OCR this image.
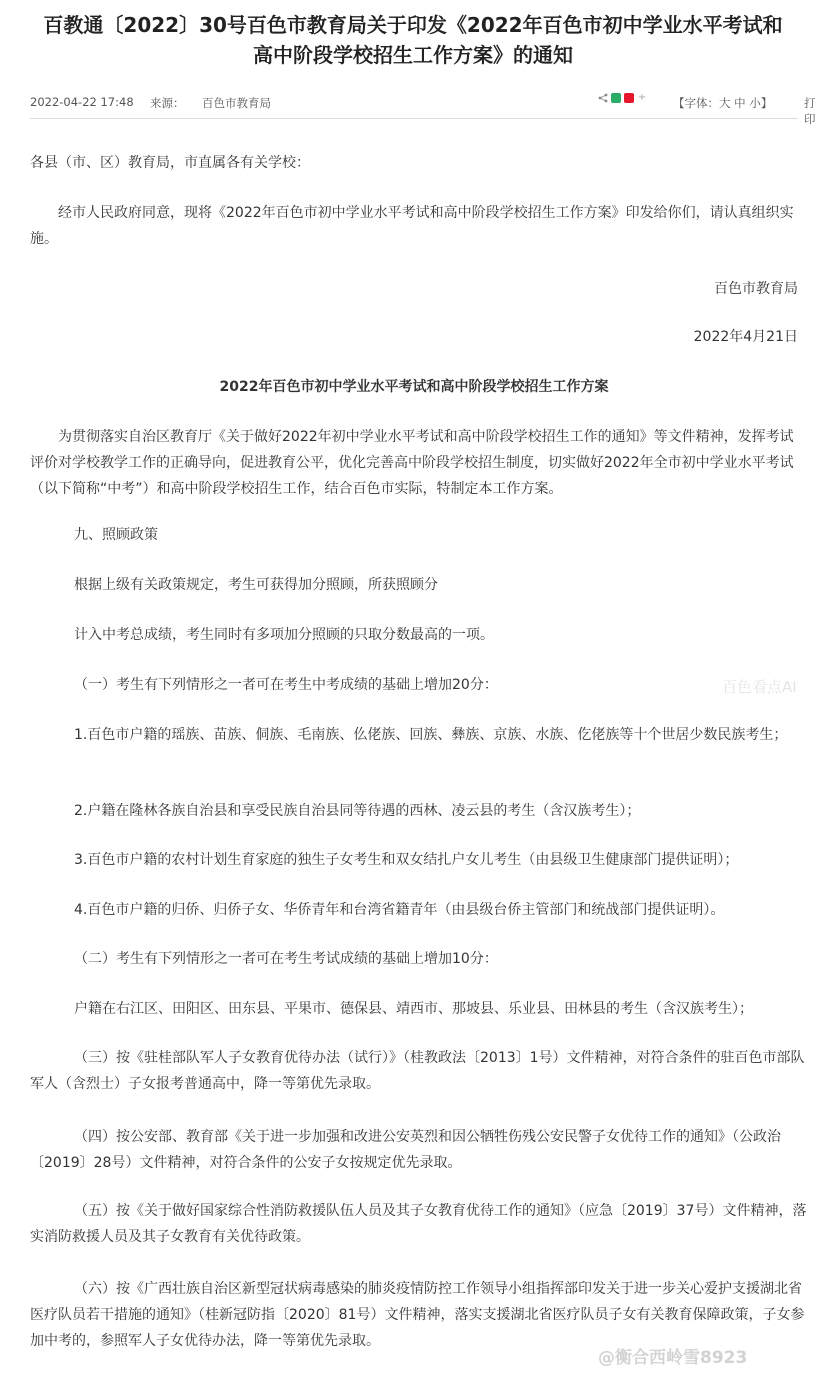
百教通〔2022〕30号百色市教育局关于印发《2022年百色市初中学业水平考试和
高中阶段学校招生工作方案》的通知
2022-04-22 17:48 来源： 百色市教育局	+ 【字体：大 中 小】	打印

各县（市、区）教育局，市直属各有关学校：

经市人民政府同意，现将《2022年百色市初中学业水平考试和高中阶段学校招生工作方案》印发给你们，请认真组织实施。

百色市教育局

2022年4月21日

2022年百色市初中学业水平考试和高中阶段学校招生工作方案

为贯彻落实自治区教育厅《关于做好2022年初中学业水平考试和高中阶段学校招生工作的通知》等文件精神，发挥考试评价对学校教学工作的正确导向，促进教育公平，优化完善高中阶段学校招生制度，切实做好2022年全市初中学业水平考试（以下简称“中考”）和高中阶段学校招生工作，结合百色市实际，特制定本工作方案。

九、照顾政策

根据上级有关政策规定，考生可获得加分照顾，所获照顾分

计入中考总成绩，考生同时有多项加分照顾的只取分数最高的一项。

（一）考生有下列情形之一者可在考生中考成绩的基础上增加20分：

1.百色市户籍的瑶族、苗族、侗族、毛南族、仫佬族、回族、彝族、京族、水族、仡佬族等十个世居少数民族考生；

2.户籍在隆林各族自治县和享受民族自治县同等待遇的西林、凌云县的考生（含汉族考生）；

3.百色市户籍的农村计划生育家庭的独生子女考生和双女结扎户女儿考生（由县级卫生健康部门提供证明）；

4.百色市户籍的归侨、归侨子女、华侨青年和台湾省籍青年（由县级台侨主管部门和统战部门提供证明）。

（二）考生有下列情形之一者可在考生考试成绩的基础上增加10分：

户籍在右江区、田阳区、田东县、平果市、德保县、靖西市、那坡县、乐业县、田林县的考生（含汉族考生）；

（三）按《驻桂部队军人子女教育优待办法（试行）》（桂教政法〔2013〕1号）文件精神，对符合条件的驻百色市部队军人（含烈士）子女报考普通高中，降一等第优先录取。

（四）按公安部、教育部《关于进一步加强和改进公安英烈和因公牺牲伤残公安民警子女优待工作的通知》（公政治〔2019〕28号）文件精神，对符合条件的公安子女按规定优先录取。

（五）按《关于做好国家综合性消防救援队伍人员及其子女教育优待工作的通知》（应急〔2019〕37号）文件精神，落实消防救援人员及其子女教育有关优待政策。

（六）按《广西壮族自治区新型冠状病毒感染的肺炎疫情防控工作领导小组指挥部印发关于进一步关心爱护支援湖北省医疗队员若干措施的通知》（桂新冠防指〔2020〕81号）文件精神，落实支援湖北省医疗队员子女有关教育保障政策，子女参加中考的，参照军人子女优待办法，降一等第优先录取。

百色看点AI
@衡合西岭雪8923
